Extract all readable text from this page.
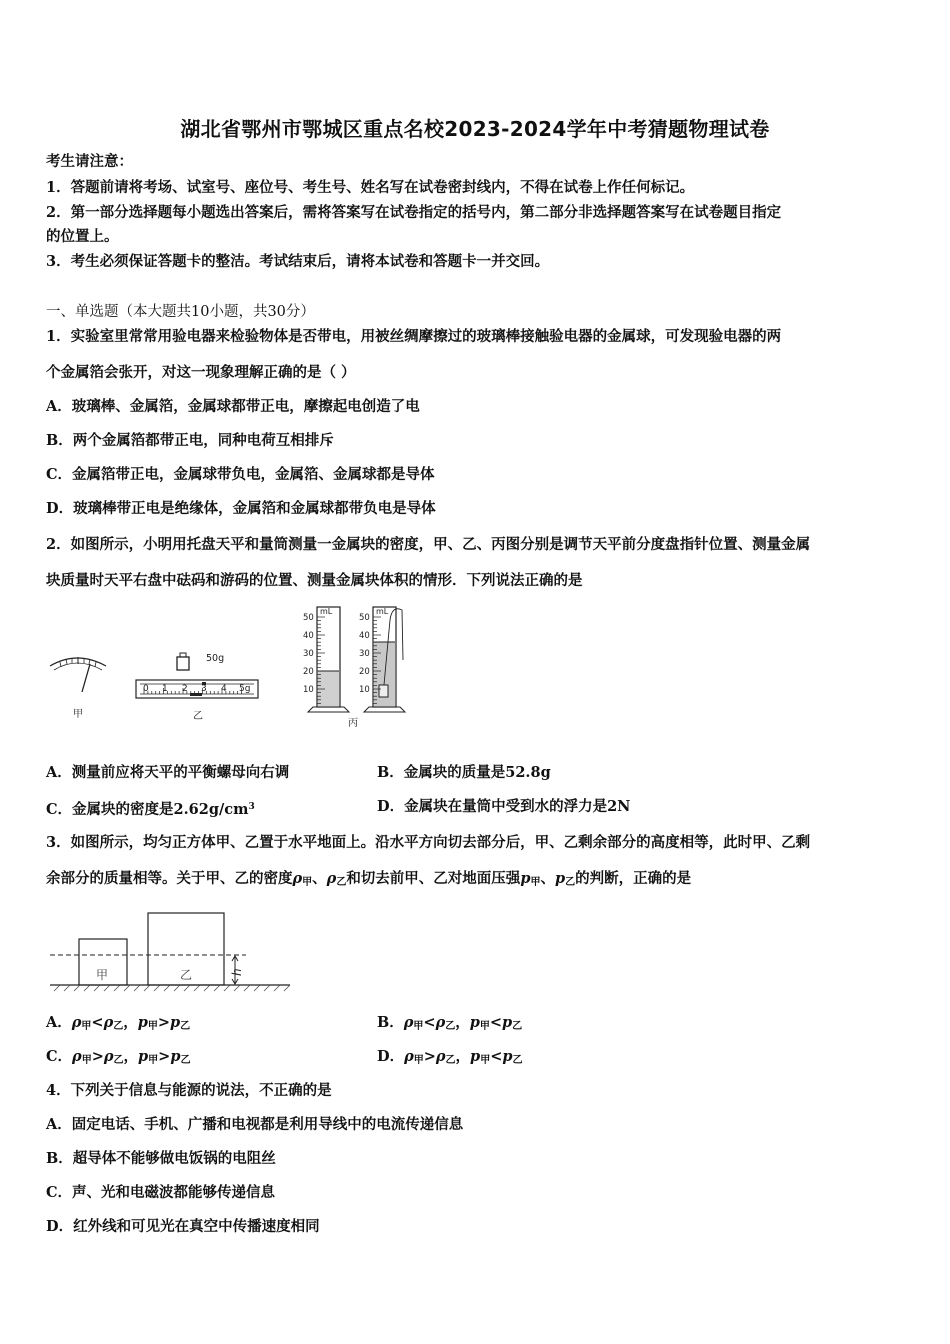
湖北省鄂州市鄂城区重点名校2023-2024学年中考猜题物理试卷
考生请注意：
1．答题前请将考场、试室号、座位号、考生号、姓名写在试卷密封线内，不得在试卷上作任何标记。
2．第一部分选择题每小题选出答案后，需将答案写在试卷指定的括号内，第二部分非选择题答案写在试卷题目指定
的位置上。
3．考生必须保证答题卡的整洁。考试结束后，请将本试卷和答题卡一并交回。
一、单选题（本大题共10小题，共30分）
1．实验室里常常用验电器来检验物体是否带电，用被丝绸摩擦过的玻璃棒接触验电器的金属球，可发现验电器的两
个金属箔会张开，对这一现象理解正确的是（ ）
A．玻璃棒、金属箔，金属球都带正电，摩擦起电创造了电
B．两个金属箔都带正电，同种电荷互相排斥
C．金属箔带正电，金属球带负电，金属箔、金属球都是导体
D．玻璃棒带正电是绝缘体，金属箔和金属球都带负电是导体
2．如图所示，小明用托盘天平和量筒测量一金属块的密度，甲、乙、丙图分别是调节天平前分度盘指针位置、测量金属
块质量时天平右盘中砝码和游码的位置、测量金属块体积的情形．下列说法正确的是
甲
50g
0 1 2 3 4 5g
乙
mL	mL
50
40
30
20
10
50
40
30
20
10
丙
A．测量前应将天平的平衡螺母向右调	B．金属块的质量是52.8g
C．金属块的密度是$2.62g/cm^3$	D．金属块在量筒中受到水的浮力是2N
3．如图所示，均匀正方体甲、乙置于水平地面上。沿水平方向切去部分后，甲、乙剩余部分的高度相等，此时甲、乙剩
余部分的质量相等。关于甲、乙的密度$\rho_甲$、$\rho_乙$和切去前甲、乙对地面压强$p_甲$、$p_乙$的判断，正确的是
h
甲	乙
A．$\rho_甲<\rho_乙$，$p_甲>p_乙$	B．$\rho_甲<\rho_乙$，$p_甲<p_乙$
C．$\rho_甲>\rho_乙$，$p_甲>p_乙$	D．$\rho_甲>\rho_乙$，$p_甲<p_乙$
4．下列关于信息与能源的说法，不正确的是
A．固定电话、手机、广播和电视都是利用导线中的电流传递信息
B．超导体不能够做电饭锅的电阻丝
C．声、光和电磁波都能够传递信息
D．红外线和可见光在真空中传播速度相同
